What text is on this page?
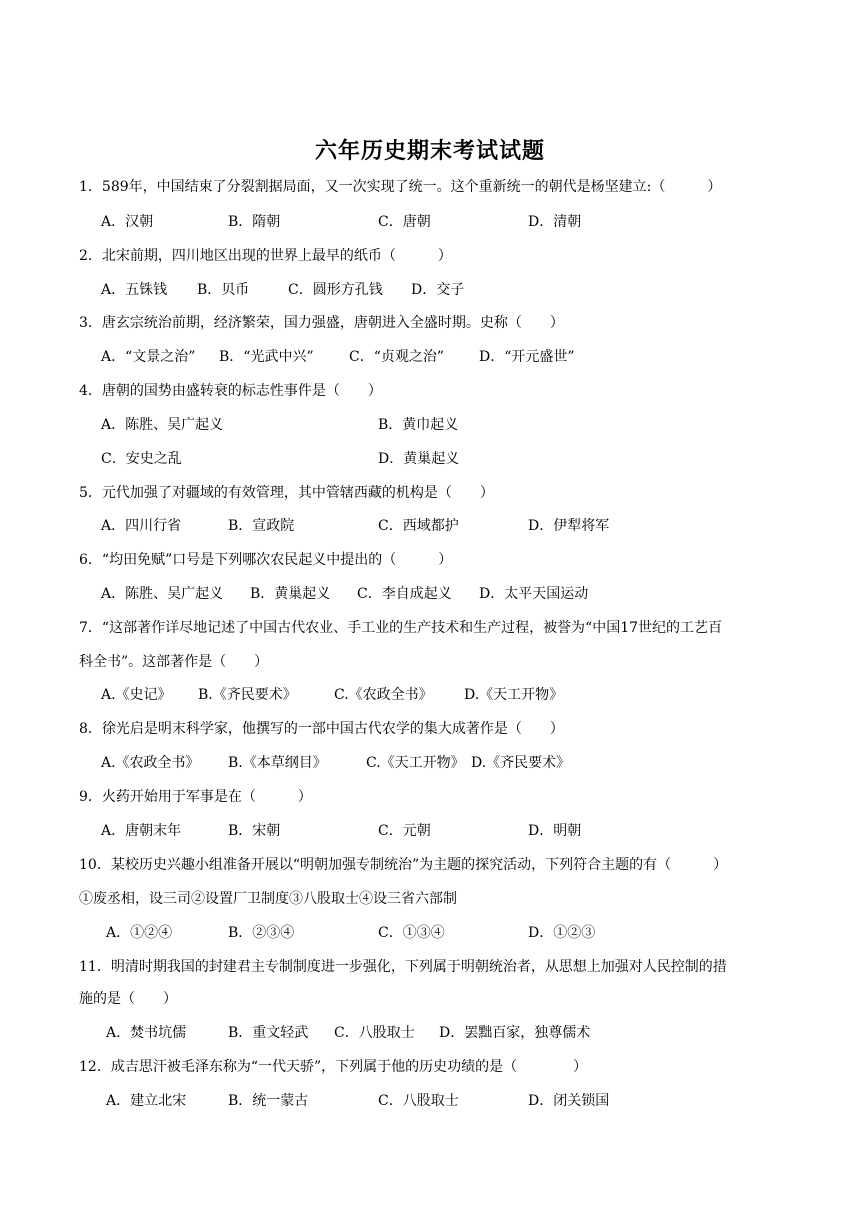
六年历史期末考试试题
1．589年，中国结束了分裂割据局面，又一次实现了统一。这个重新统一的朝代是杨坚建立:（　　　）
A．汉朝	B．隋朝	C．唐朝	D．清朝
2．北宋前期，四川地区出现的世界上最早的纸币（　　　）
A．五铢钱 B．贝币	C．圆形方孔钱 D．交子
3．唐玄宗统治前期，经济繁荣，国力强盛，唐朝进入全盛时期。史称（　　）
A．“文景之治” B．“光武中兴”	C．“贞观之治” D．“开元盛世”
4．唐朝的国势由盛转衰的标志性事件是（　　）
A．陈胜、吴广起义	B．黄巾起义
C．安史之乱	D．黄巢起义
5．元代加强了对疆域的有效管理，其中管辖西藏的机构是（　　）
A．四川行省	B．宣政院	C．西域都护	D．伊犁将军
6．“均田免赋”口号是下列哪次农民起义中提出的（　　　）
A．陈胜、吴广起义 B．黄巢起义 C．李自成起义 D．太平天国运动
7．“这部著作详尽地记述了中国古代农业、手工业的生产技术和生产过程，被誉为“中国17世纪的工艺百
科全书”。这部著作是（　　）
A.《史记》 B.《齐民要术》	C.《农政全书》 D.《天工开物》
8．徐光启是明末科学家，他撰写的一部中国古代农学的集大成著作是（　　）
A.《农政全书》 B.《本草纲目》	C.《天工开物》 D.《齐民要术》
9．火药开始用于军事是在（　　　）
A．唐朝末年	B．宋朝	C．元朝	D．明朝
10．某校历史兴趣小组准备开展以“明朝加强专制统治”为主题的探究活动，下列符合主题的有（　　　）
①废丞相，设三司②设置厂卫制度③八股取士④设三省六部制
A．①②④	B．②③④	C．①③④	D．①②③
11．明清时期我国的封建君主专制制度进一步强化，下列属于明朝统治者，从思想上加强对人民控制的措
施的是（　　）
A．焚书坑儒	B．重文轻武 C．八股取士 D．罢黜百家，独尊儒术
12．成吉思汗被毛泽东称为“一代天骄”，下列属于他的历史功绩的是（　　　　）
A．建立北宋	B．统一蒙古	C．八股取士	D．闭关锁国
